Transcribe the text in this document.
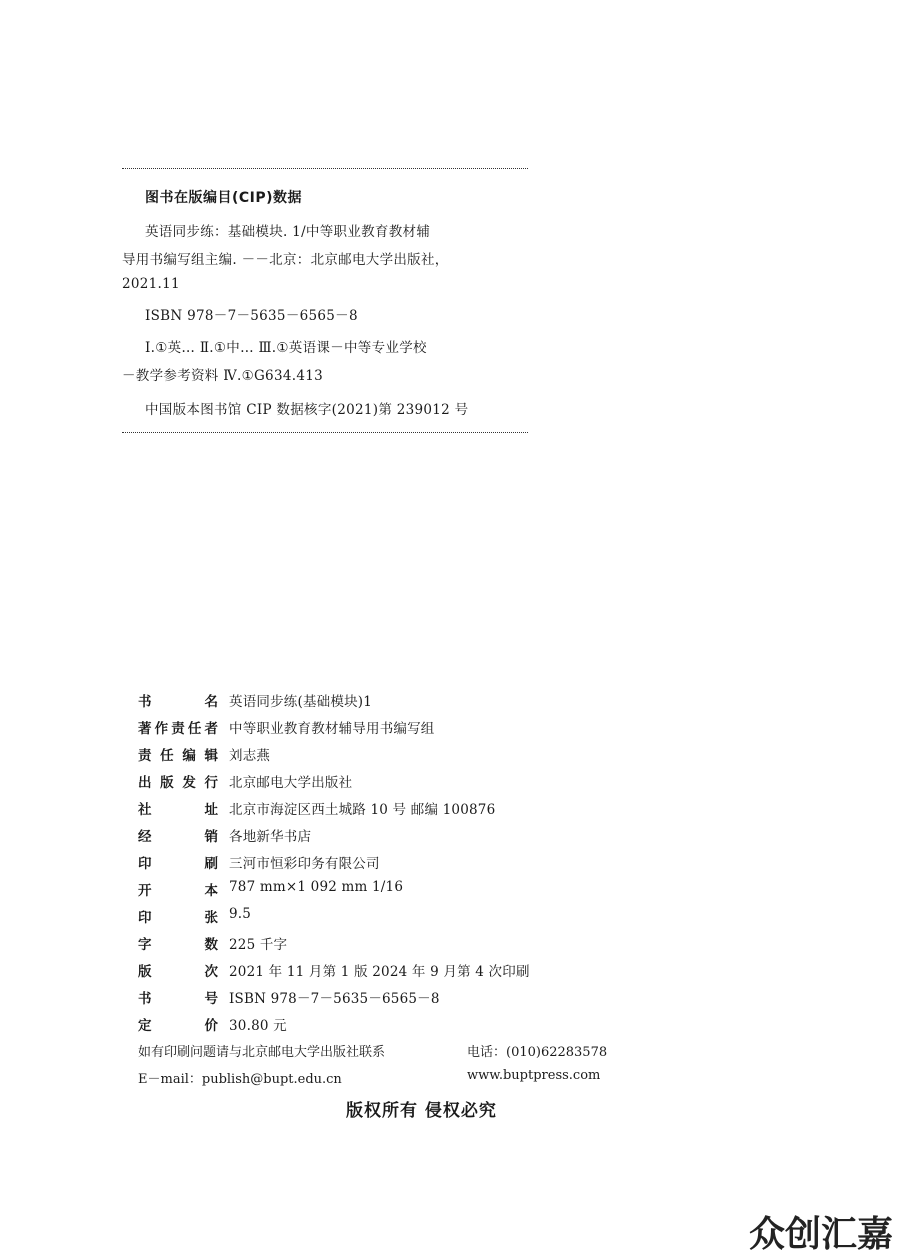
图书在版编目(CIP)数据
英语同步练：基础模块. 1/中等职业教育教材辅
导用书编写组主编. －－北京：北京邮电大学出版社，
2021.11
ISBN 978－7－5635－6565－8
Ⅰ.①英… Ⅱ.①中… Ⅲ.①英语课－中等专业学校
－教学参考资料 Ⅳ.①G634.413
中国版本图书馆 CIP 数据核字(2021)第 239012 号
书	名 英语同步练(基础模块)1
著 作 责 任 者 中等职业教育教材辅导用书编写组
责 任 编 辑 刘志燕
出 版 发 行 北京邮电大学出版社
社	址 北京市海淀区西土城路 10 号 邮编 100876
经	销 各地新华书店
印	刷 三河市恒彩印务有限公司
开	本 787 mm×1 092 mm 1/16
印	张 9.5
字	数 225 千字
版	次 2021 年 11 月第 1 版 2024 年 9 月第 4 次印刷
书	号 ISBN 978－7－5635－6565－8
定	价 30.80 元
如有印刷问题请与北京邮电大学出版社联系	电话：(010)62283578
E－mail：publish@bupt.edu.cn	www.buptpress.com
版权所有 侵权必究
众创汇嘉
